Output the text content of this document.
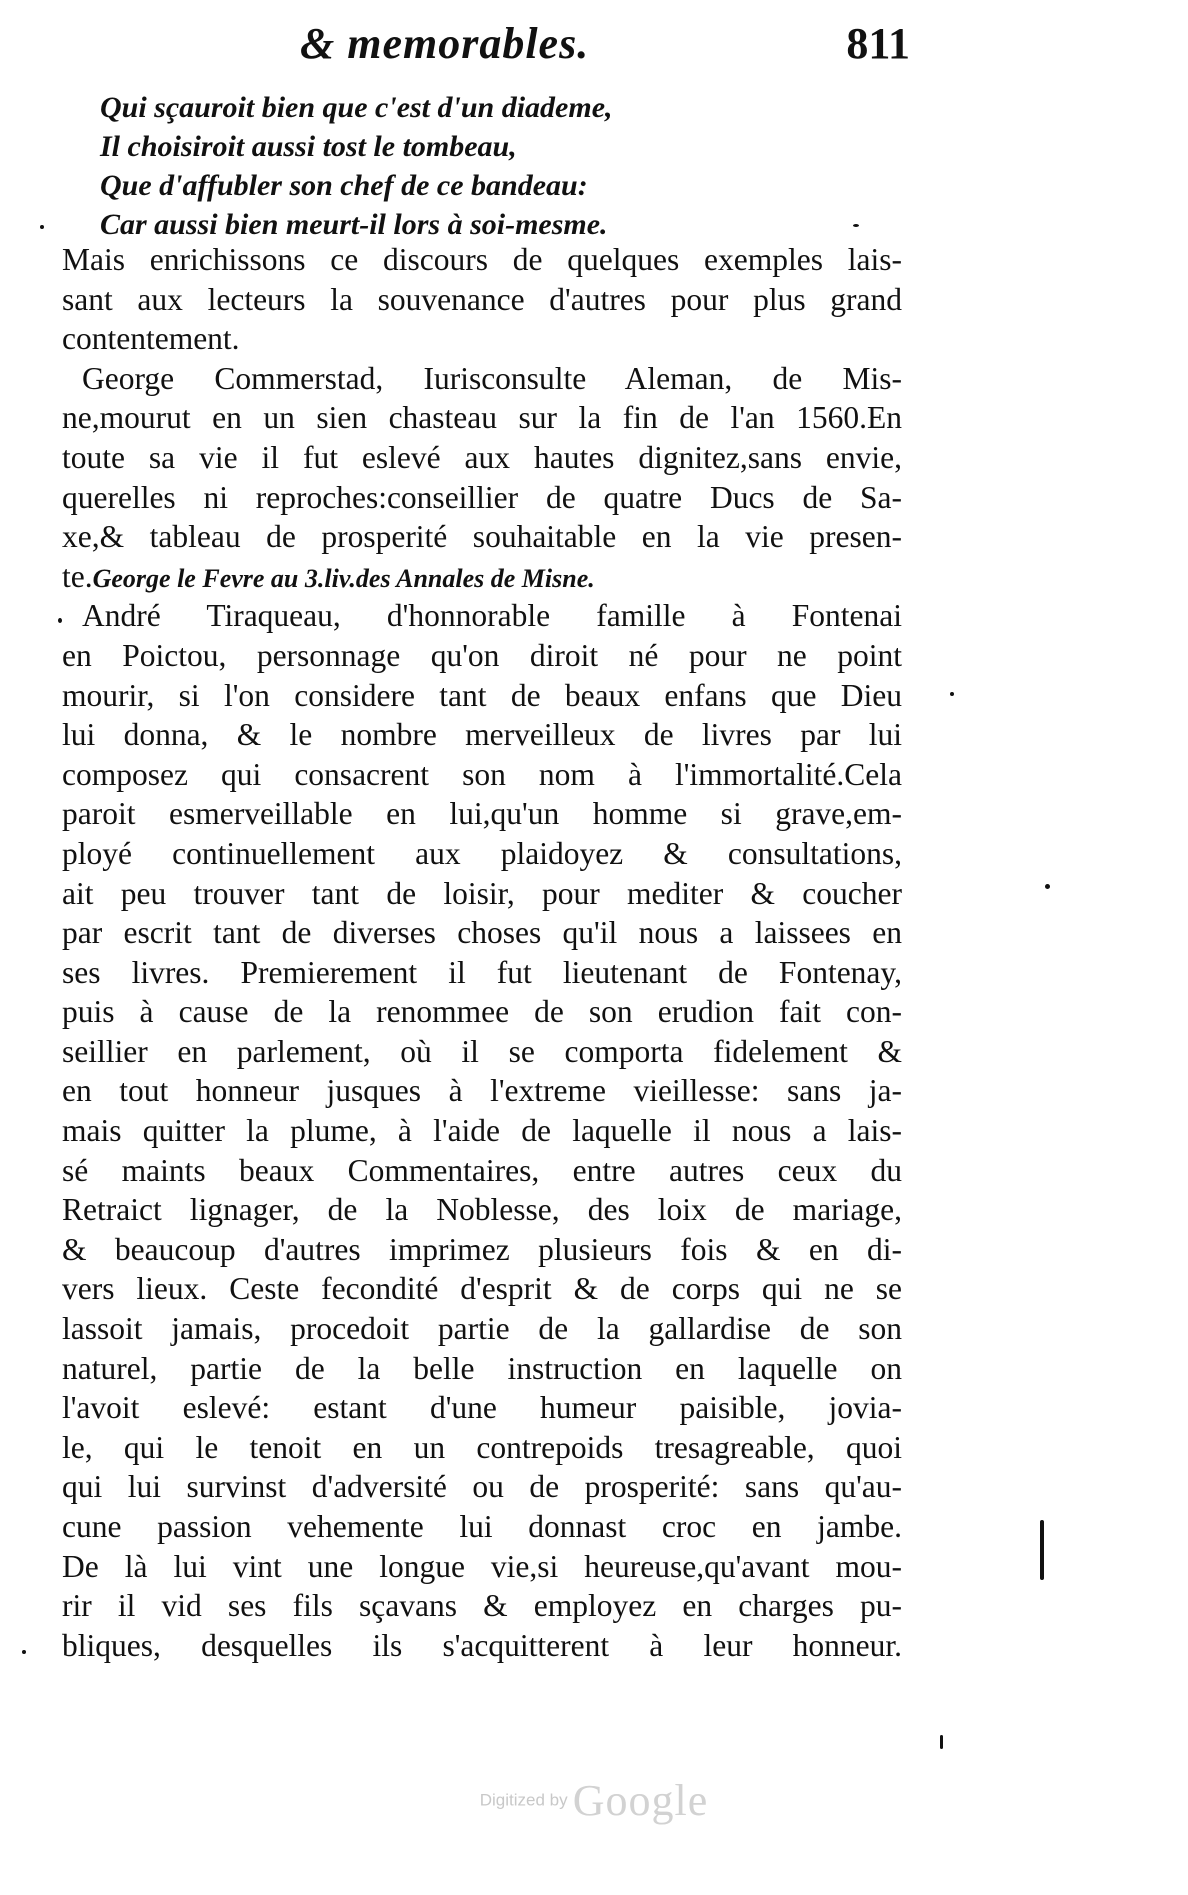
& memorables.	811
Qui sçauroit bien que c'est d'un diademe,
Il choisiroit aussi tost le tombeau,
Que d'affubler son chef de ce bandeau:
Car aussi bien meurt-il lors à soi-mesme.
Mais enrichissons ce discours de quelques exemples lais-
sant aux lecteurs la souvenance d'autres pour plus grand
contentement.
George Commerstad, Iurisconsulte Aleman, de Mis-
ne,mourut en un sien chasteau sur la fin de l'an 1560.En
toute sa vie il fut eslevé aux hautes dignitez,sans envie,
querelles ni reproches:conseillier de quatre Ducs de Sa-
xe,& tableau de prosperité souhaitable en la vie presen-
te.George le Fevre au 3.liv.des Annales de Misne.
André Tiraqueau, d'honnorable famille à Fontenai
en Poictou, personnage qu'on diroit né pour ne point
mourir, si l'on considere tant de beaux enfans que Dieu
lui donna, & le nombre merveilleux de livres par lui
composez qui consacrent son nom à l'immortalité.Cela
paroit esmerveillable en lui,qu'un homme si grave,em-
ployé continuellement aux plaidoyez & consultations,
ait peu trouver tant de loisir, pour mediter & coucher
par escrit tant de diverses choses qu'il nous a laissees en
ses livres. Premierement il fut lieutenant de Fontenay,
puis à cause de la renommee de son erudion fait con-
seillier en parlement, où il se comporta fidelement &
en tout honneur jusques à l'extreme vieillesse: sans ja-
mais quitter la plume, à l'aide de laquelle il nous a lais-
sé maints beaux Commentaires, entre autres ceux du
Retraict lignager, de la Noblesse, des loix de mariage,
& beaucoup d'autres imprimez plusieurs fois & en di-
vers lieux. Ceste fecondité d'esprit & de corps qui ne se
lassoit jamais, procedoit partie de la gallardise de son
naturel, partie de la belle instruction en laquelle on
l'avoit eslevé: estant d'une humeur paisible, jovia-
le, qui le tenoit en un contrepoids tresagreable, quoi
qui lui survinst d'adversité ou de prosperité: sans qu'au-
cune passion vehemente lui donnast croc en jambe.
De là lui vint une longue vie,si heureuse,qu'avant mou-
rir il vid ses fils sçavans & employez en charges pu-
bliques, desquelles ils s'acquitterent à leur honneur.
Digitized by Google
